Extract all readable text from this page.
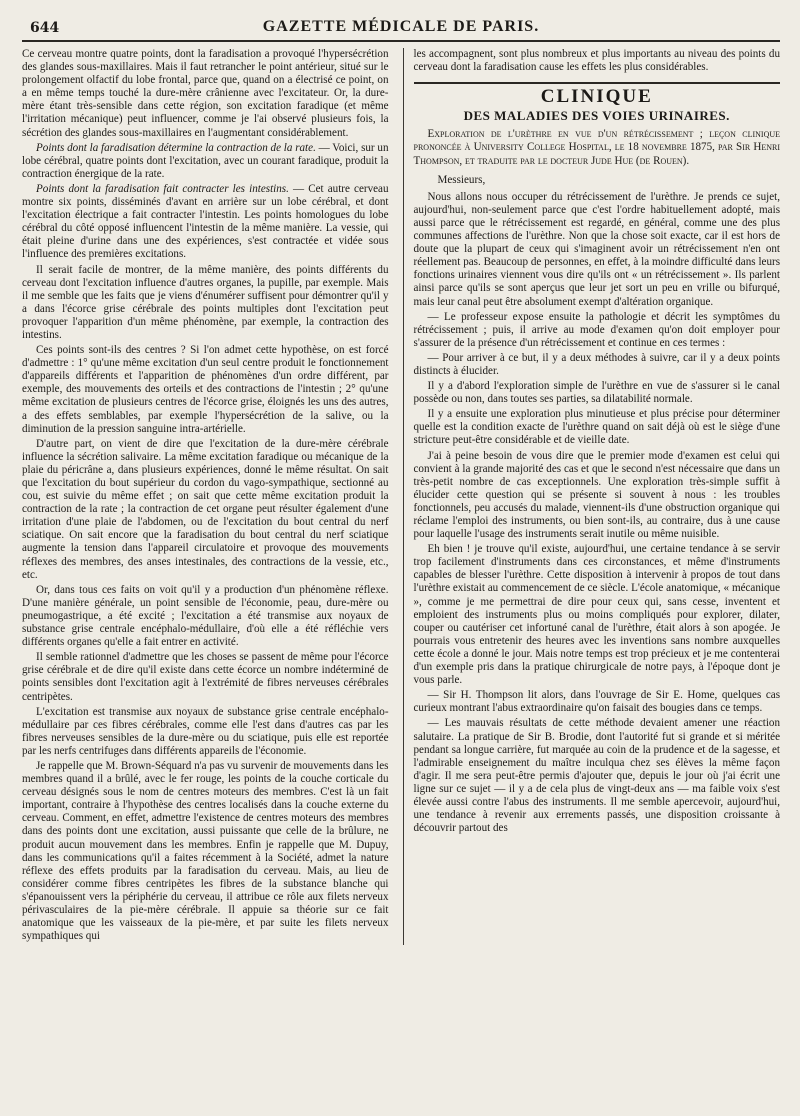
644	GAZETTE MÉDICALE DE PARIS.

Ce cerveau montre quatre points, dont la faradisation a provoqué l'hypersécrétion des glandes sous-maxillaires. Mais il faut retrancher le point antérieur, situé sur le prolongement olfactif du lobe frontal, parce que, quand on a électrisé ce point, on a en même temps touché la dure-mère crânienne avec l'excitateur. Or, la dure-mère étant très-sensible dans cette région, son excitation faradique (et même l'irritation mécanique) peut influencer, comme je l'ai observé plusieurs fois, la sécrétion des glandes sous-maxillaires en l'augmentant considérablement.

Points dont la faradisation détermine la contraction de la rate. — Voici, sur un lobe cérébral, quatre points dont l'excitation, avec un courant faradique, produit la contraction énergique de la rate.

Points dont la faradisation fait contracter les intestins. — Cet autre cerveau montre six points, disséminés d'avant en arrière sur un lobe cérébral, et dont l'excitation électrique a fait contracter l'intestin. Les points homologues du lobe cérébral du côté opposé influencent l'intestin de la même manière. La vessie, qui était pleine d'urine dans une des expériences, s'est contractée et vidée sous l'influence des premières excitations.

Il serait facile de montrer, de la même manière, des points différents du cerveau dont l'excitation influence d'autres organes, la pupille, par exemple. Mais il me semble que les faits que je viens d'énumérer suffisent pour démontrer qu'il y a dans l'écorce grise cérébrale des points multiples dont l'excitation peut provoquer l'apparition d'un même phénomène, par exemple, la contraction des intestins.

Ces points sont-ils des centres ? Si l'on admet cette hypothèse, on est forcé d'admettre : 1° qu'une même excitation d'un seul centre produit le fonctionnement d'appareils différents et l'apparition de phénomènes d'un ordre différent, par exemple, des mouvements des orteils et des contractions de l'intestin ; 2° qu'une même excitation de plusieurs centres de l'écorce grise, éloignés les uns des autres, a des effets semblables, par exemple l'hypersécrétion de la salive, ou la diminution de la pression sanguine intra-artérielle.

D'autre part, on vient de dire que l'excitation de la dure-mère cérébrale influence la sécrétion salivaire. La même excitation faradique ou mécanique de la plaie du péricrâne a, dans plusieurs expériences, donné le même résultat. On sait que l'excitation du bout supérieur du cordon du vago-sympathique, sectionné au cou, est suivie du même effet ; on sait que cette même excitation produit la contraction de la rate ; la contraction de cet organe peut résulter également d'une irritation d'une plaie de l'abdomen, ou de l'excitation du bout central du nerf sciatique. On sait encore que la faradisation du bout central du nerf sciatique augmente la tension dans l'appareil circulatoire et provoque des mouvements réflexes des membres, des anses intestinales, des contractions de la vessie, etc., etc.

Or, dans tous ces faits on voit qu'il y a production d'un phénomène réflexe. D'une manière générale, un point sensible de l'économie, peau, dure-mère ou pneumogastrique, a été excité ; l'excitation a été transmise aux noyaux de substance grise centrale encéphalo-médullaire, d'où elle a été réfléchie vers différents organes qu'elle a fait entrer en activité.

Il semble rationnel d'admettre que les choses se passent de même pour l'écorce grise cérébrale et de dire qu'il existe dans cette écorce un nombre indéterminé de points sensibles dont l'excitation agit à l'extrémité de fibres nerveuses cérébrales centripètes.

L'excitation est transmise aux noyaux de substance grise centrale encéphalo-médullaire par ces fibres cérébrales, comme elle l'est dans d'autres cas par les fibres nerveuses sensibles de la dure-mère ou du sciatique, puis elle est reportée par les nerfs centrifuges dans différents appareils de l'économie.

Je rappelle que M. Brown-Séquard n'a pas vu survenir de mouvements dans les membres quand il a brûlé, avec le fer rouge, les points de la couche corticale du cerveau désignés sous le nom de centres moteurs des membres. C'est là un fait important, contraire à l'hypothèse des centres localisés dans la couche externe du cerveau. Comment, en effet, admettre l'existence de centres moteurs des membres dans des points dont une excitation, aussi puissante que celle de la brûlure, ne produit aucun mouvement dans les membres. Enfin je rappelle que M. Dupuy, dans les communications qu'il a faites récemment à la Société, admet la nature réflexe des effets produits par la faradisation du cerveau. Mais, au lieu de considérer comme fibres centripètes les fibres de la substance blanche qui s'épanouissent vers la périphérie du cerveau, il attribue ce rôle aux filets nerveux périvasculaires de la pie-mère cérébrale. Il appuie sa théorie sur ce fait anatomique que les vaisseaux de la pie-mère, et par suite les filets nerveux sympathiques qui

les accompagnent, sont plus nombreux et plus importants au niveau des points du cerveau dont la faradisation cause les effets les plus considérables.

CLINIQUE
DES MALADIES DES VOIES URINAIRES.

Exploration de l'urèthre en vue d'un rétrécissement ; leçon clinique prononcée à University College Hospital, le 18 novembre 1875, par Sir Henri Thompson, et traduite par le docteur Jude Hue (de Rouen).

Messieurs,

Nous allons nous occuper du rétrécissement de l'urèthre. Je prends ce sujet, aujourd'hui, non-seulement parce que c'est l'ordre habituellement adopté, mais aussi parce que le rétrécissement est regardé, en général, comme une des plus communes affections de l'urèthre. Non que la chose soit exacte, car il est hors de doute que la plupart de ceux qui s'imaginent avoir un rétrécissement n'en ont réellement pas. Beaucoup de personnes, en effet, à la moindre difficulté dans leurs fonctions urinaires viennent vous dire qu'ils ont « un rétrécissement ». Ils parlent ainsi parce qu'ils se sont aperçus que leur jet sort un peu en vrille ou bifurqué, mais leur canal peut être absolument exempt d'altération organique.

— Le professeur expose ensuite la pathologie et décrit les symptômes du rétrécissement ; puis, il arrive au mode d'examen qu'on doit employer pour s'assurer de la présence d'un rétrécissement et continue en ces termes :

— Pour arriver à ce but, il y a deux méthodes à suivre, car il y a deux points distincts à élucider.

Il y a d'abord l'exploration simple de l'urèthre en vue de s'assurer si le canal possède ou non, dans toutes ses parties, sa dilatabilité normale.

Il y a ensuite une exploration plus minutieuse et plus précise pour déterminer quelle est la condition exacte de l'urèthre quand on sait déjà où est le siège d'une stricture peut-être considérable et de vieille date.

J'ai à peine besoin de vous dire que le premier mode d'examen est celui qui convient à la grande majorité des cas et que le second n'est nécessaire que dans un très-petit nombre de cas exceptionnels. Une exploration très-simple suffit à élucider cette question qui se présente si souvent à nous : les troubles fonctionnels, peu accusés du malade, viennent-ils d'une obstruction organique qui réclame l'emploi des instruments, ou bien sont-ils, au contraire, dus à une cause pour laquelle l'usage des instruments serait inutile ou même nuisible.

Eh bien ! je trouve qu'il existe, aujourd'hui, une certaine tendance à se servir trop facilement d'instruments dans ces circonstances, et même d'instruments capables de blesser l'urèthre. Cette disposition à intervenir à propos de tout dans l'urèthre existait au commencement de ce siècle. L'école anatomique, « mécanique », comme je me permettrai de dire pour ceux qui, sans cesse, inventent et emploient des instruments plus ou moins compliqués pour explorer, dilater, couper ou cautériser cet infortuné canal de l'urèthre, était alors à son apogée. Je pourrais vous entretenir des heures avec les inventions sans nombre auxquelles cette école a donné le jour. Mais notre temps est trop précieux et je me contenterai d'un exemple pris dans la pratique chirurgicale de notre pays, à l'époque dont je vous parle.

— Sir H. Thompson lit alors, dans l'ouvrage de Sir E. Home, quelques cas curieux montrant l'abus extraordinaire qu'on faisait des bougies dans ce temps.

— Les mauvais résultats de cette méthode devaient amener une réaction salutaire. La pratique de Sir B. Brodie, dont l'autorité fut si grande et si méritée pendant sa longue carrière, fut marquée au coin de la prudence et de la sagesse, et l'admirable enseignement du maître inculqua chez ses élèves la même façon d'agir. Il me sera peut-être permis d'ajouter que, depuis le jour où j'ai écrit une ligne sur ce sujet — il y a de cela plus de vingt-deux ans — ma faible voix s'est élevée aussi contre l'abus des instruments. Il me semble apercevoir, aujourd'hui, une tendance à revenir aux errements passés, une disposition croissante à découvrir partout des
